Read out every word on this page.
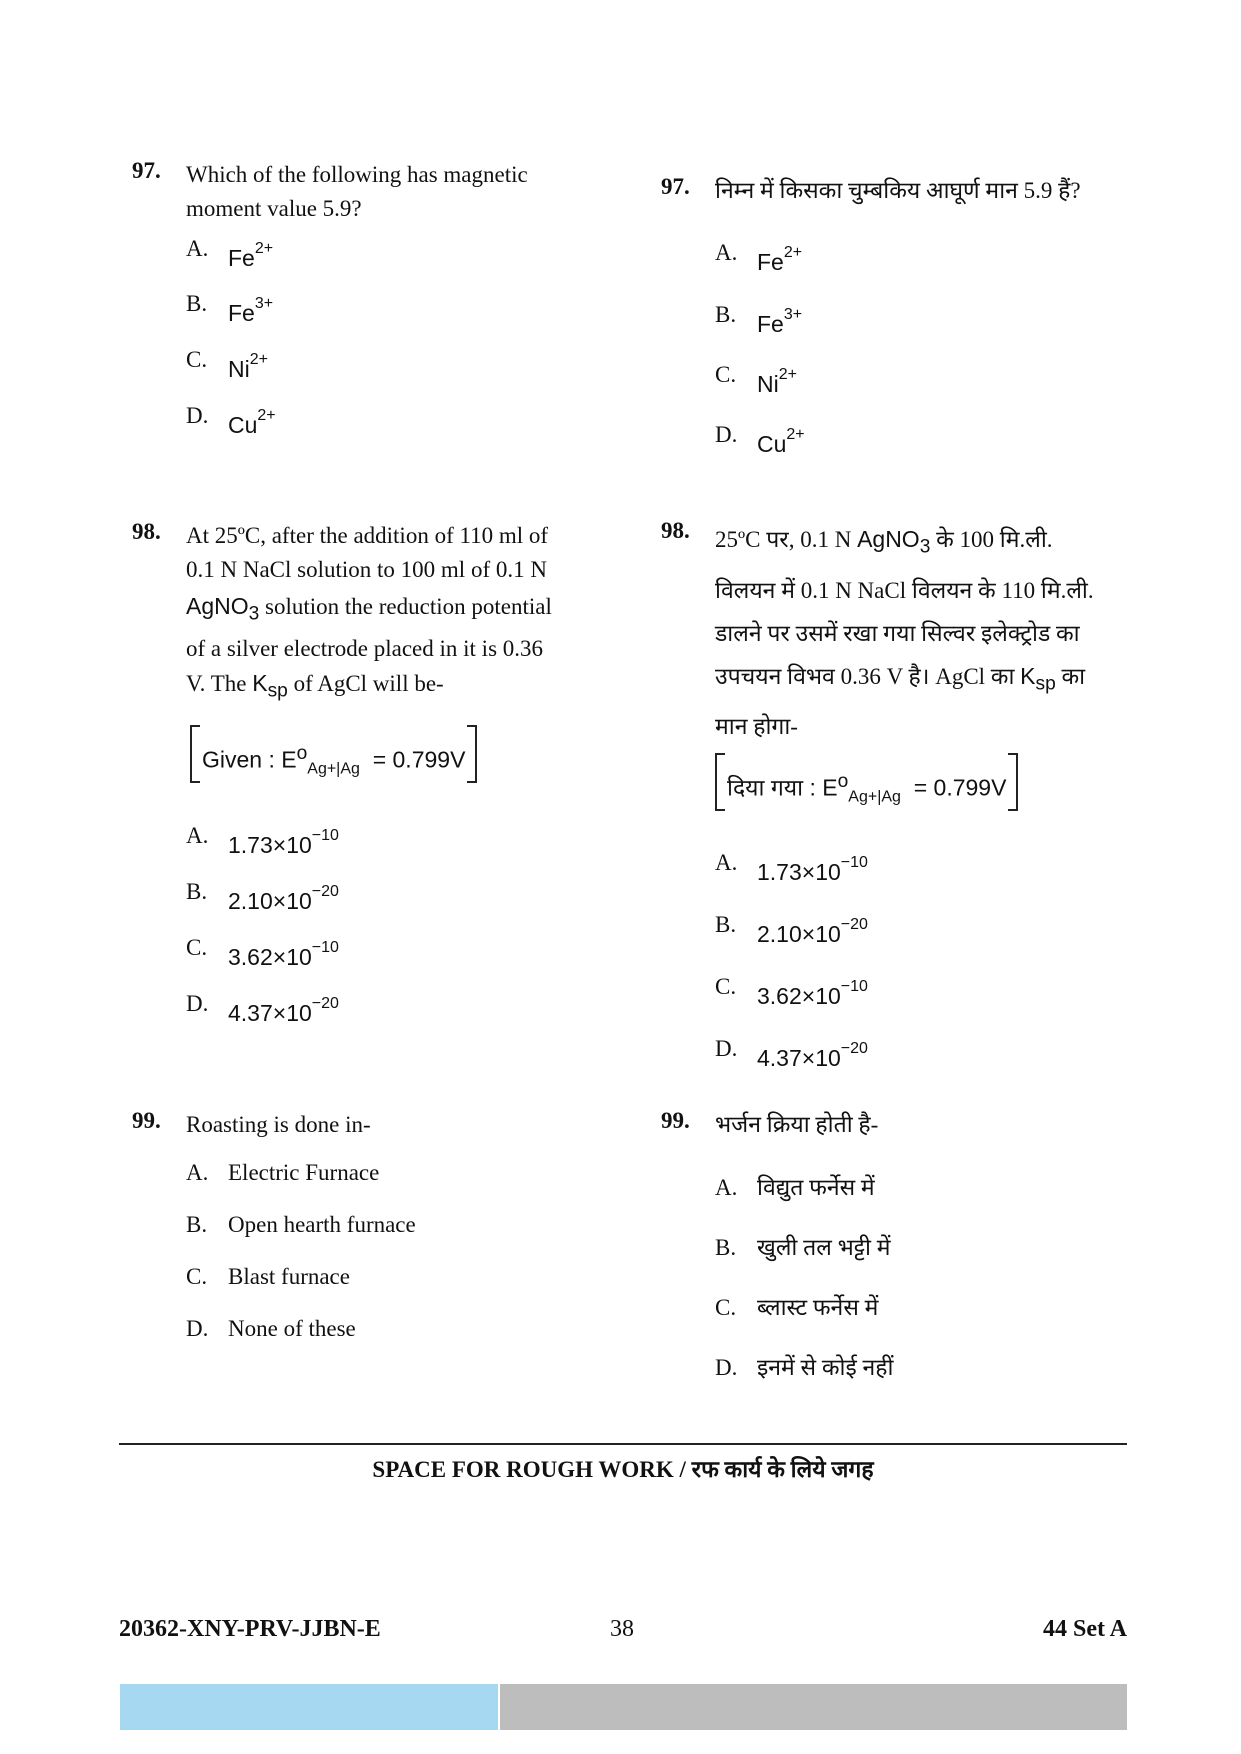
97. Which of the following has magnetic moment value 5.9?
A. $Fe^{2+}$
B. $Fe^{3+}$
C. $Ni^{2+}$
D. $Cu^{2+}$
98. At 25ºC, after the addition of 110 ml of
0.1 N NaCl solution to 100 ml of 0.1 N
AgNO$_3$ solution the reduction potential
of a silver electrode placed in it is 0.36
V. The $K_{sp}$ of AgCl will be-
Given : $E^o_{Ag+|Ag} = 0.799V$
A. $1.73\times 10^{-10}$
B. $2.10\times 10^{-20}$
C. $3.62\times 10^{-10}$
D. $4.37\times 10^{-20}$
99. Roasting is done in-
A. Electric Furnace
B. Open hearth furnace
C. Blast furnace
D. None of these
97. निम्न में किसका चुम्बकिय आघूर्ण मान 5.9 हैं?
A. $Fe^{2+}$
B. $Fe^{3+}$
C. $Ni^{2+}$
D. $Cu^{2+}$
98. 25ºC पर, 0.1 N AgNO$_3$ के 100 मि.ली.
विलयन में 0.1 N NaCl विलयन के 110 मि.ली.
डालने पर उसमें रखा गया सिल्वर इलेक्ट्रोड का
उपचयन विभव 0.36 V है। AgCl का $K_{sp}$ का
मान होगा-
दिया गया : $E^o_{Ag+|Ag} = 0.799V$
A. $1.73\times 10^{-10}$
B. $2.10\times 10^{-20}$
C. $3.62\times 10^{-10}$
D. $4.37\times 10^{-20}$
99. भर्जन क्रिया होती है-
A. विद्युत फर्नेस में
B. खुली तल भट्टी में
C. ब्लास्ट फर्नेस में
D. इनमें से कोई नहीं
SPACE FOR ROUGH WORK / रफ कार्य के लिये जगह
20362-XNY-PRV-JJBN-E	38	44 Set A
